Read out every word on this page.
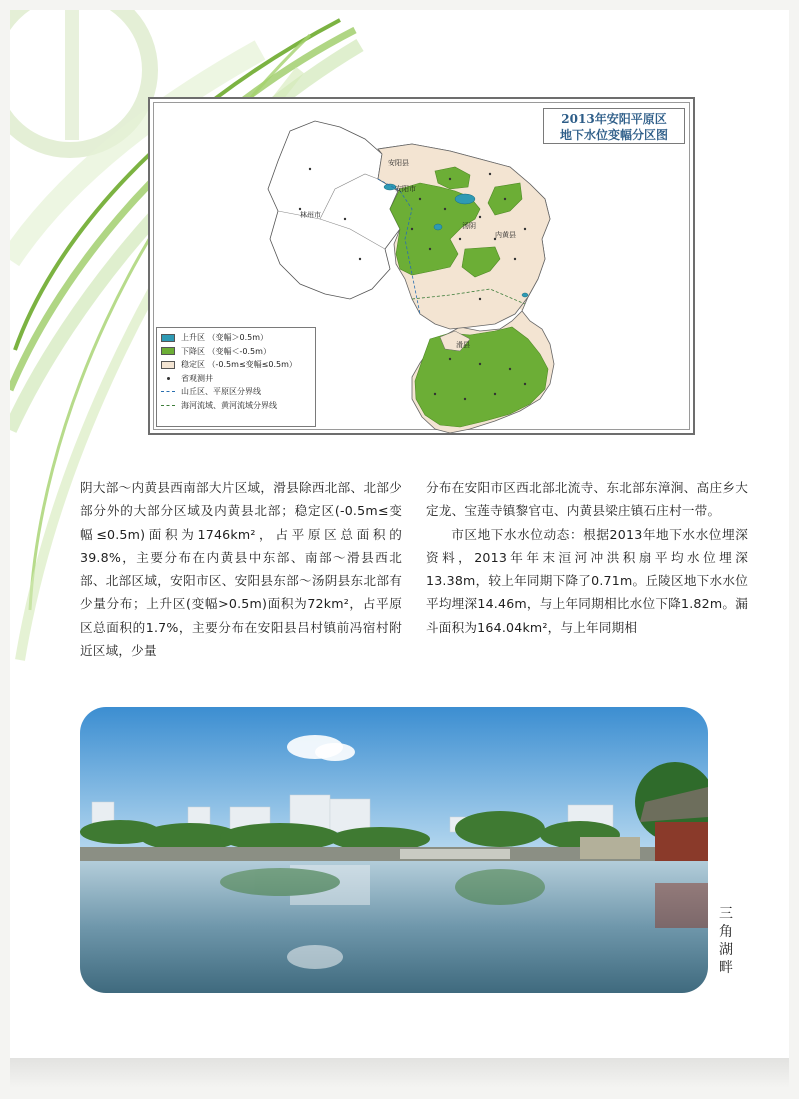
安阳县
安阳市
林州市
汤阴
内黄县
滑县
2013年安阳平原区
地下水位变幅分区图
上升区 （变幅＞0.5m）
下降区 （变幅＜-0.5m）
稳定区 （-0.5m≤变幅≤0.5m）
省观测井
山丘区、平原区分界线
海河流域、黄河流域分界线

阴大部～内黄县西南部大片区域，滑县除西北部、北部少部分外的大部分区域及内黄县北部；稳定区(-0.5m≤变幅≤0.5m)面积为1746km²，占平原区总面积的39.8%，主要分布在内黄县中东部、南部～滑县西北部、北部区域，安阳市区、安阳县东部～汤阴县东北部有少量分布；上升区(变幅>0.5m)面积为72km²，占平原区总面积的1.7%，主要分布在安阳县吕村镇前冯宿村附近区域，少量

分布在安阳市区西北部北流寺、东北部东漳涧、高庄乡大定龙、宝莲寺镇黎官屯、内黄县梁庄镇石庄村一带。

市区地下水水位动态：根据2013年地下水水位埋深资料，2013年年末洹河冲洪积扇平均水位埋深13.38m，较上年同期下降了0.71m。丘陵区地下水水位平均埋深14.46m，与上年同期相比水位下降1.82m。漏斗面积为164.04km²，与上年同期相

三角湖畔
